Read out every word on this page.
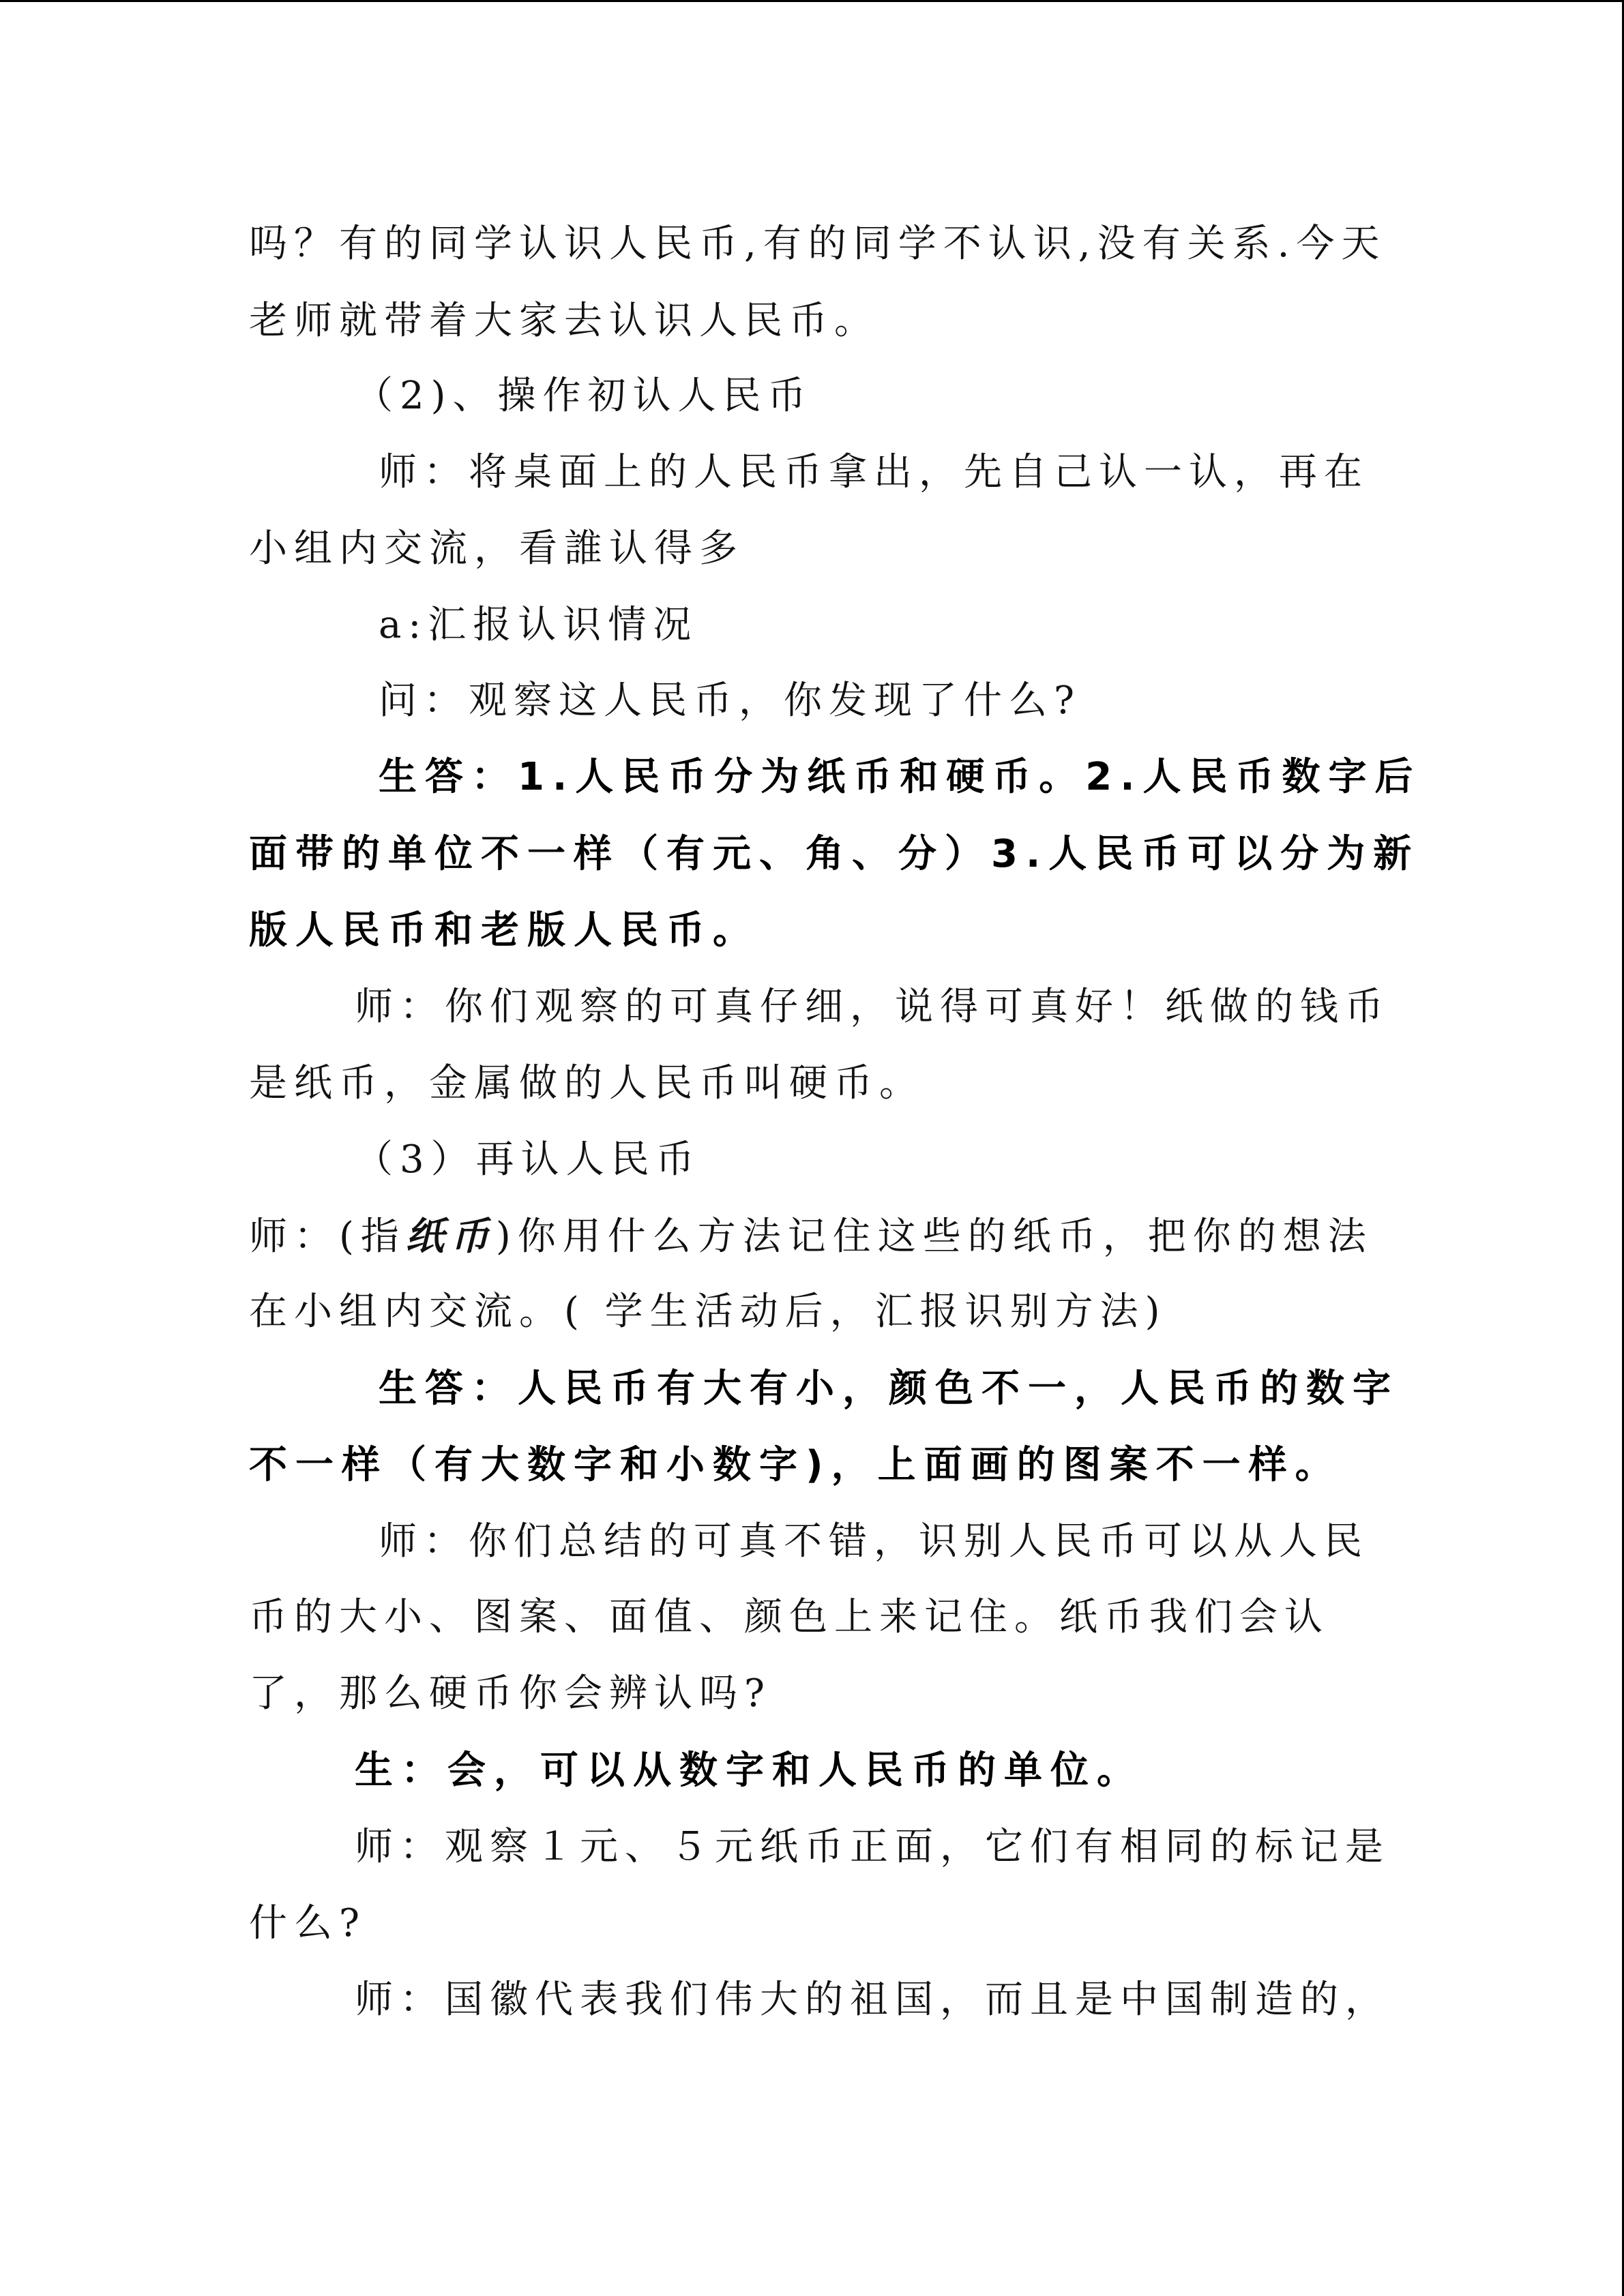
吗？有的同学认识人民币,有的同学不认识,没有关系.今天
老师就带着大家去认识人民币。
（2)、操作初认人民币
师：将桌面上的人民币拿出，先自己认一认，再在
小组内交流，看誰认得多
a:汇报认识情况
问：观察这人民币，你发现了什么?
生答：1.人民币分为纸币和硬币。2.人民币数字后
面带的单位不一样（有元、角、分）3.人民币可以分为新
版人民币和老版人民币。
师：你们观察的可真仔细，说得可真好！纸做的钱币
是纸币，金属做的人民币叫硬币。
（3）再认人民币
师：(指纸币)你用什么方法记住这些的纸币，把你的想法
在小组内交流。( 学生活动后，汇报识别方法)
生答：人民币有大有小，颜色不一，人民币的数字
不一样（有大数字和小数字)，上面画的图案不一样。
师：你们总结的可真不错，识别人民币可以从人民
币的大小、图案、面值、颜色上来记住。纸币我们会认
了，那么硬币你会辨认吗?
生：会，可以从数字和人民币的单位。
师：观察１元、５元纸币正面，它们有相同的标记是
什么?
师：国徽代表我们伟大的祖国，而且是中国制造的，
